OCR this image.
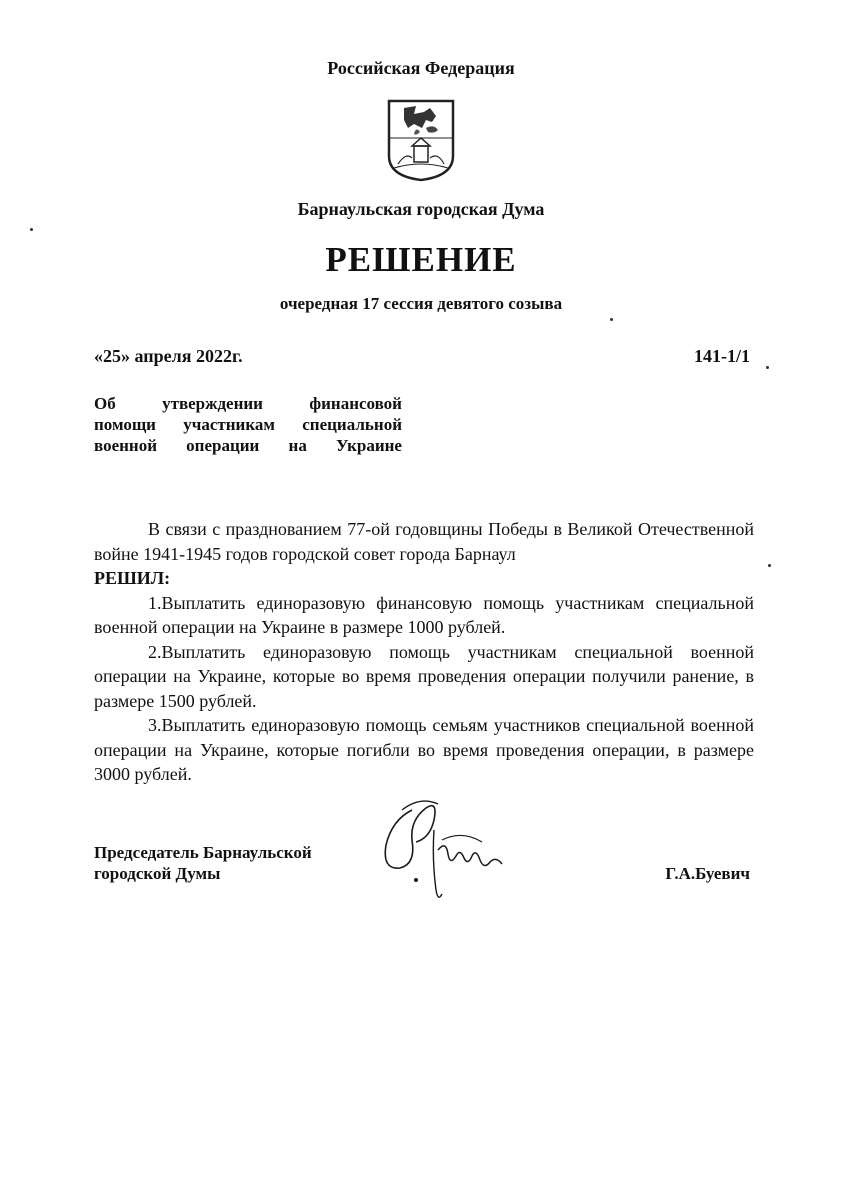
Российская Федерация
Барнаульская городская Дума
РЕШЕНИЕ
очередная 17 сессия девятого созыва
«25» апреля 2022г.	141-1/1
Об	утверждении	финансовой
помощи участникам специальной
военной операции на Украине

В связи с празднованием 77-ой годовщины Победы в Великой Отечественной войне 1941-1945 годов городской совет города Барнаул

РЕШИЛ:

1.Выплатить единоразовую финансовую помощь участникам специальной военной операции на Украине в размере 1000 рублей.

2.Выплатить единоразовую помощь участникам специальной военной операции на Украине, которые во время проведения операции получили ранение, в размере 1500 рублей.

3.Выплатить единоразовую помощь семьям участников специальной военной операции на Украине, которые погибли во время проведения операции, в размере 3000 рублей.

Председатель Барнаульской
городской Думы	Г.А.Буевич
